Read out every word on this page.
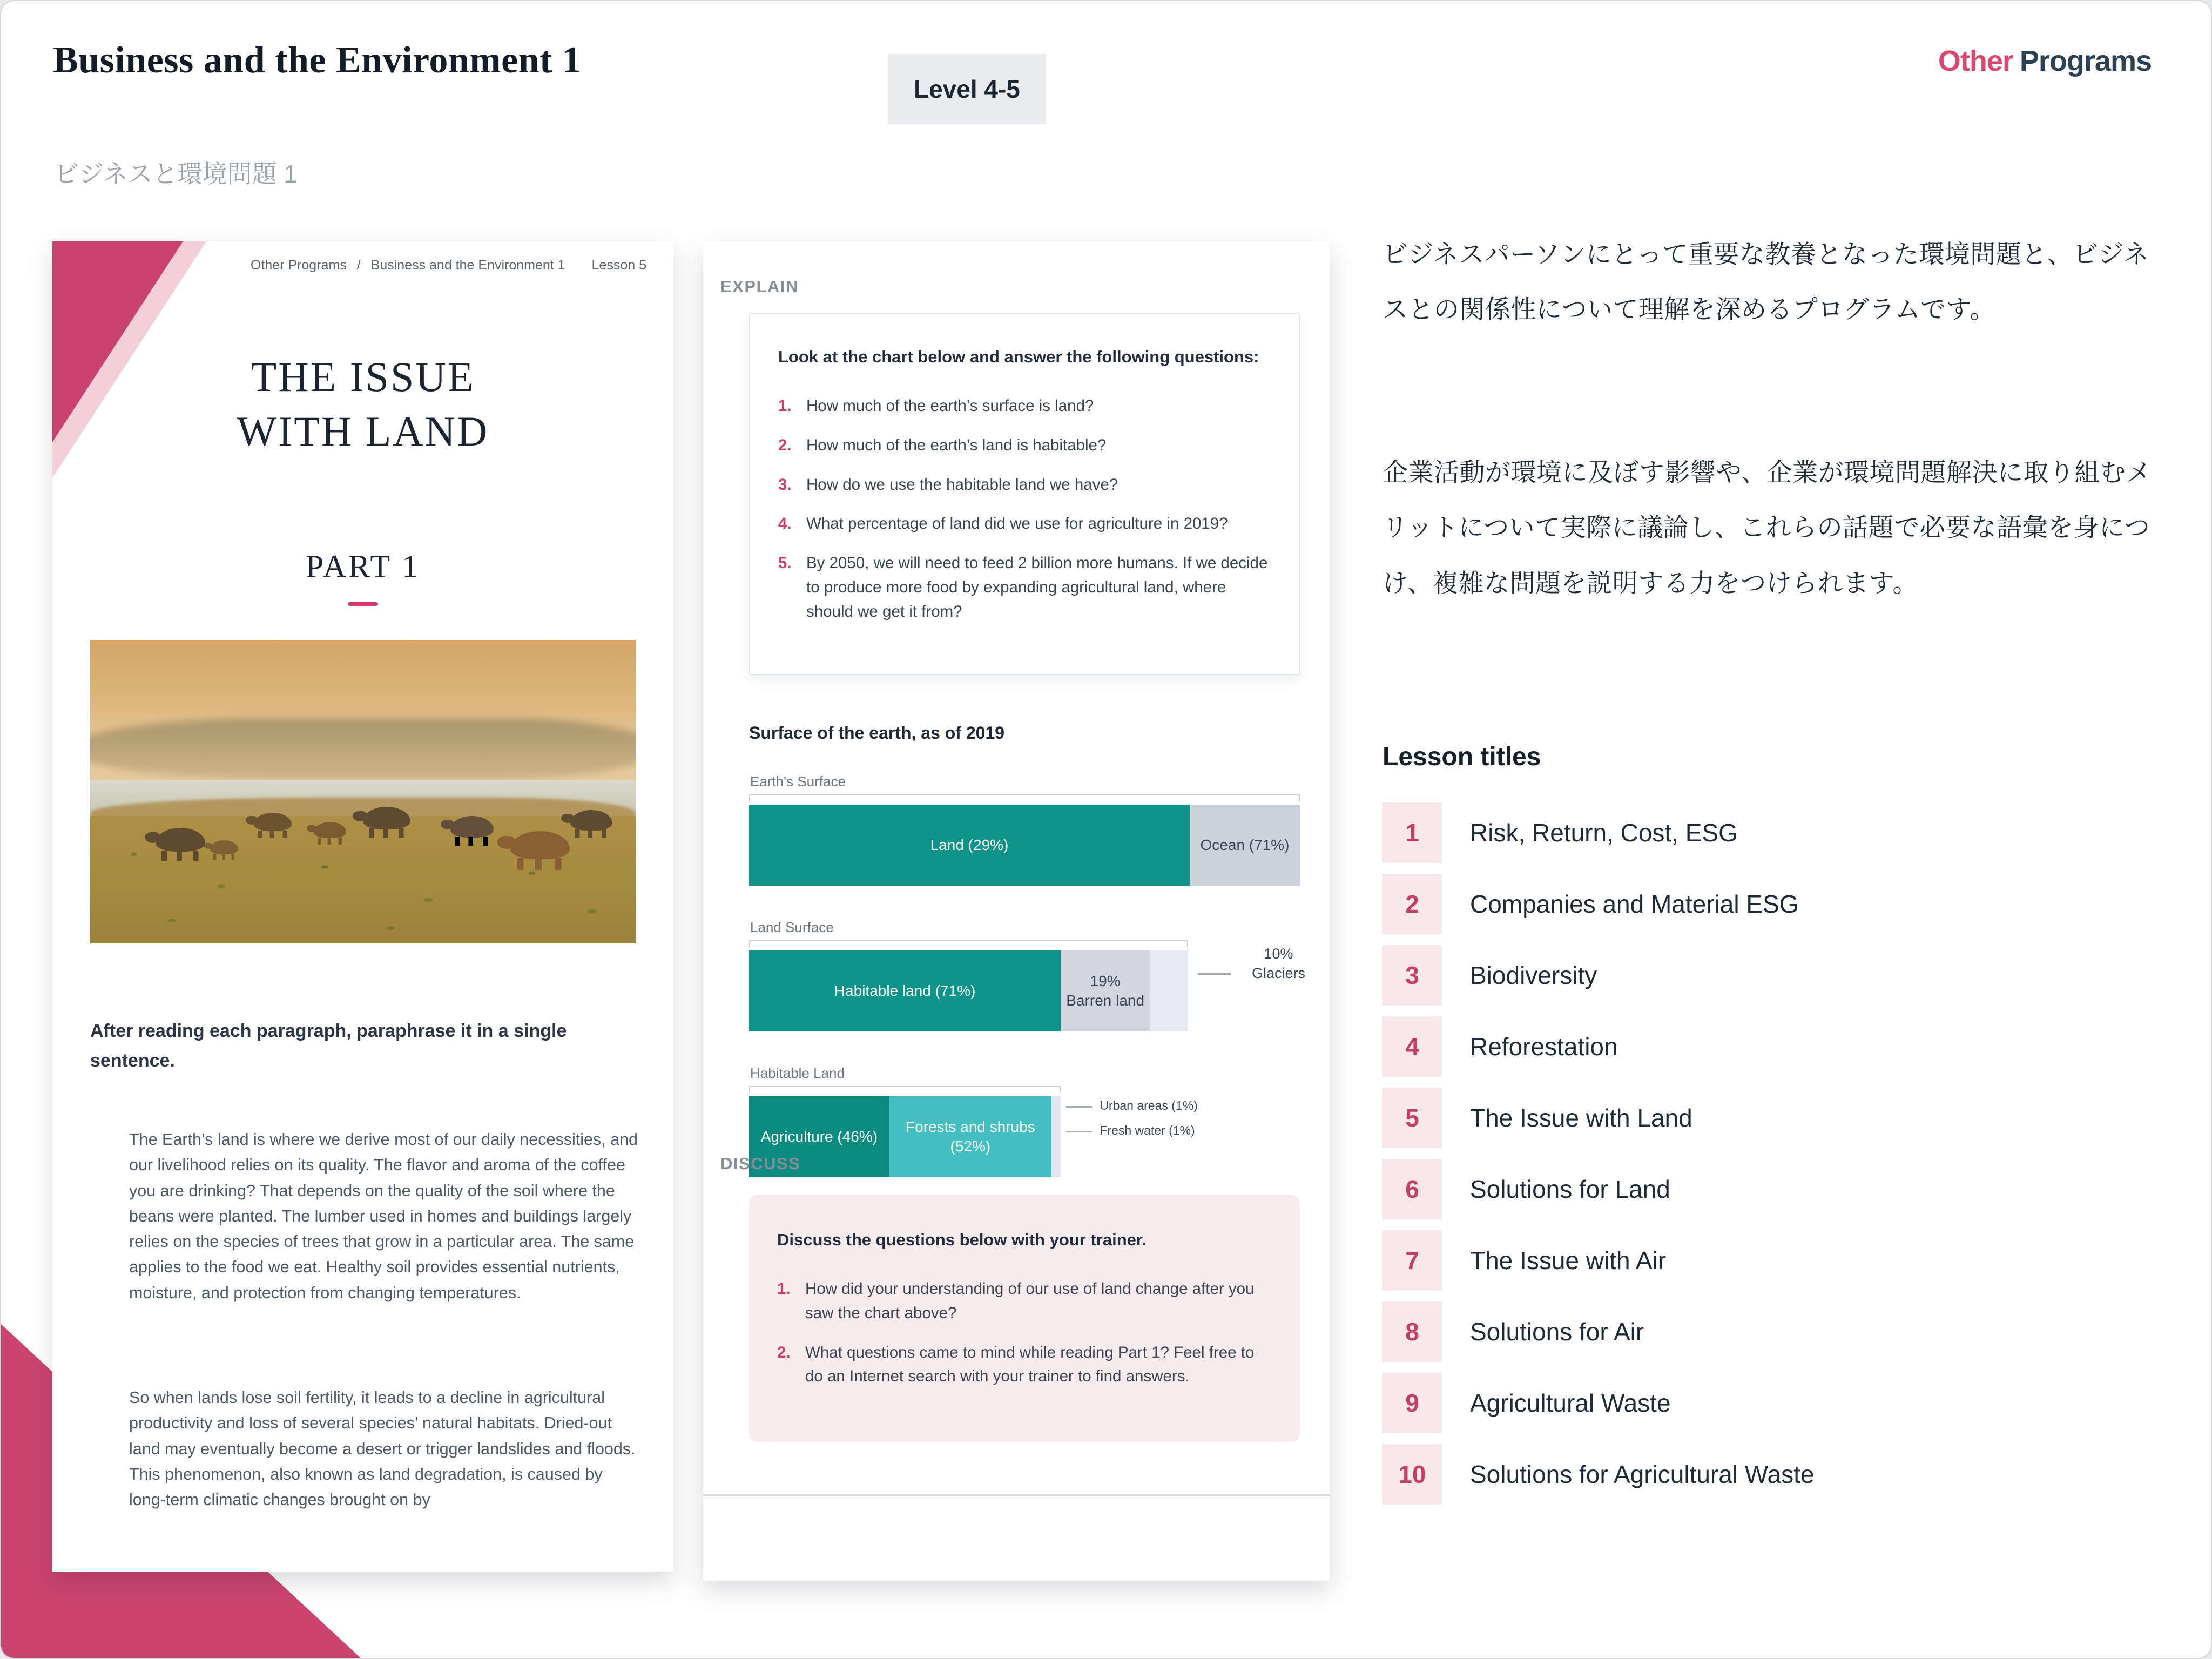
Business and the Environment 1
Level 4-5
ビジネスと環境問題 1
Other Programs
Other Programs / Business and the Environment 1 Lesson 5
THE ISSUE
WITH LAND
PART 1
After reading each paragraph, paraphrase it in a single sentence.
The Earth’s land is where we derive most of our daily necessities, and our livelihood relies on its quality. The flavor and aroma of the coffee you are drinking? That depends on the quality of the soil where the beans were planted. The lumber used in homes and buildings largely relies on the species of trees that grow in a particular area. The same applies to the food we eat. Healthy soil provides essential nutrients, moisture, and protection from changing temperatures.
So when lands lose soil fertility, it leads to a decline in agricultural productivity and loss of several species’ natural habitats. Dried-out land may eventually become a desert or trigger landslides and floods. This phenomenon, also known as land degradation, is caused by long-term climatic changes brought on by
EXPLAIN
Look at the chart below and answer the following questions:
1. How much of the earth’s surface is land?
2. How much of the earth’s land is habitable?
3. How do we use the habitable land we have?
4. What percentage of land did we use for agriculture in 2019?
5. By 2050, we will need to feed 2 billion more humans. If we decide to produce more food by expanding agricultural land, where should we get it from?
Surface of the earth, as of 2019
Earth's Surface
Land (29%)	Ocean (71%)
Land Surface
Habitable land (71%)
19%
Barren land
10%
Glaciers
Habitable Land
Agriculture (46%)
Forests and shrubs
(52%)
Urban areas (1%)
Fresh water (1%)
DISCUSS
Discuss the questions below with your trainer.
1. How did your understanding of our use of land change after you saw the chart above?
2. What questions came to mind while reading Part 1? Feel free to do an Internet search with your trainer to find answers.
ビジネスパーソンにとって重要な教養となった環境問題と、ビジネスとの関係性について理解を深めるプログラムです。
企業活動が環境に及ぼす影響や、企業が環境問題解決に取り組むメリットについて実際に議論し、これらの話題で必要な語彙を身につけ、複雑な問題を説明する力をつけられます。
Lesson titles
1	Risk, Return, Cost, ESG
2	Companies and Material ESG
3	Biodiversity
4	Reforestation
5	The Issue with Land
6	Solutions for Land
7	The Issue with Air
8	Solutions for Air
9	Agricultural Waste
10	Solutions for Agricultural Waste
